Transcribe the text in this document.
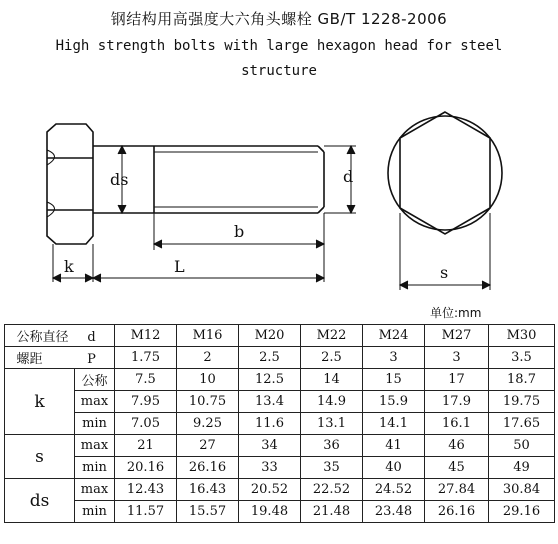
钢结构用高强度大六角头螺栓 GB/T 1228-2006
High strength bolts with large hexagon head for steel
structure
ds	d
b
k	L	s
单位:mm
公称直径 d		M12	M16	M20	M22	M24	M27	M30
螺距 P		1.75	2	2.5	2.5	3	3	3.5
k	公称	7.5	10	12.5	14	15	17	18.7
	max	7.95	10.75	13.4	14.9	15.9	17.9	19.75
	min	7.05	9.25	11.6	13.1	14.1	16.1	17.65
s	max	21	27	34	36	41	46	50
	min	20.16	26.16	33	35	40	45	49
ds	max	12.43	16.43	20.52	22.52	24.52	27.84	30.84
	min	11.57	15.57	19.48	21.48	23.48	26.16	29.16
